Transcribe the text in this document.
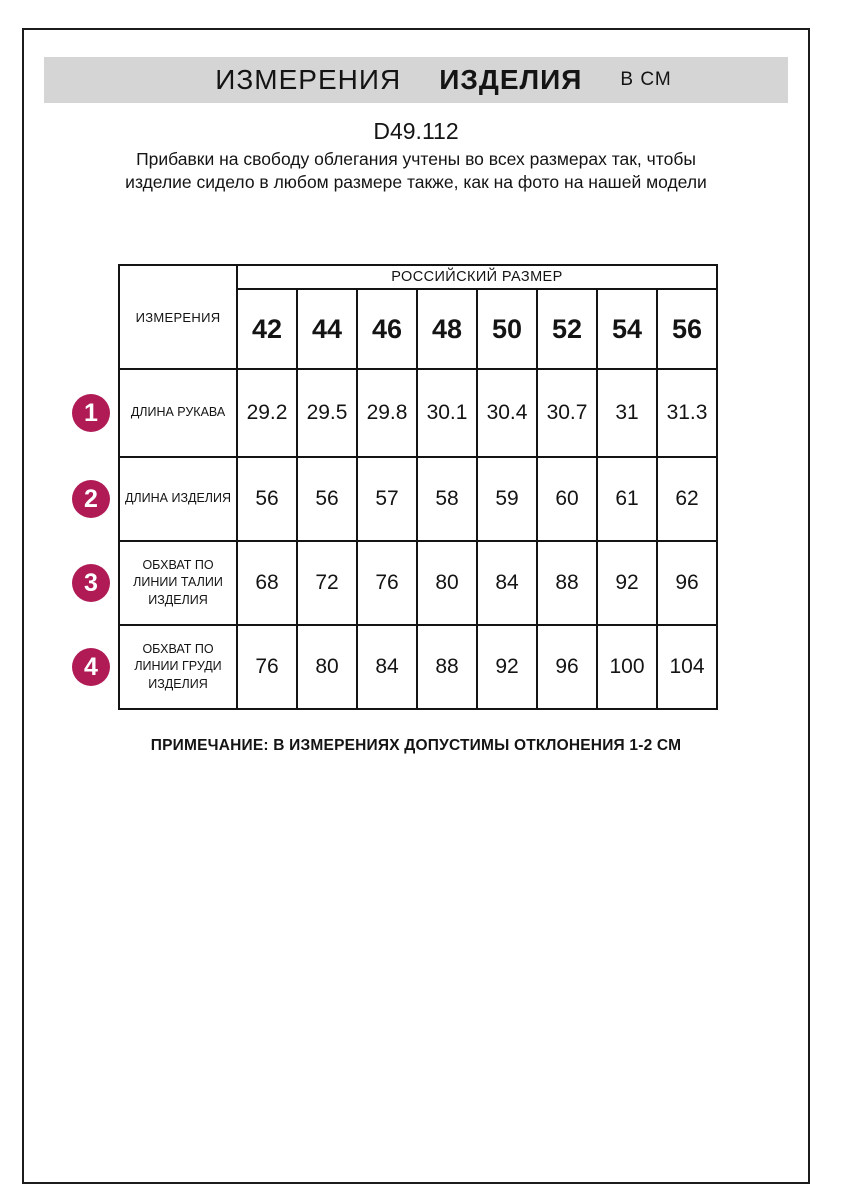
ИЗМЕРЕНИЯ ИЗДЕЛИЯ В СМ
D49.112
Прибавки на свободу облегания учтены во всех размерах так, чтобы изделие сидело в любом размере также, как на фото на нашей модели
ИЗМЕРЕНИЯ	РОССИЙСКИЙ РАЗМЕР							
	42	44	46	48	50	52	54	56

1 ДЛИНА РУКАВА	29.2	29.5	29.8	30.1	30.4	30.7	31	31.3

2 ДЛИНА ИЗДЕЛИЯ	56	56	57	58	59	60	61	62

3
ОБХВАТ ПО ЛИНИИ ТАЛИИ ИЗДЕЛИЯ	68	72	76	80	84	88	92	96

4
ОБХВАТ ПО ЛИНИИ ГРУДИ ИЗДЕЛИЯ	76	80	84	88	92	96	100	104
ПРИМЕЧАНИЕ: В ИЗМЕРЕНИЯХ ДОПУСТИМЫ ОТКЛОНЕНИЯ 1-2 СМ
